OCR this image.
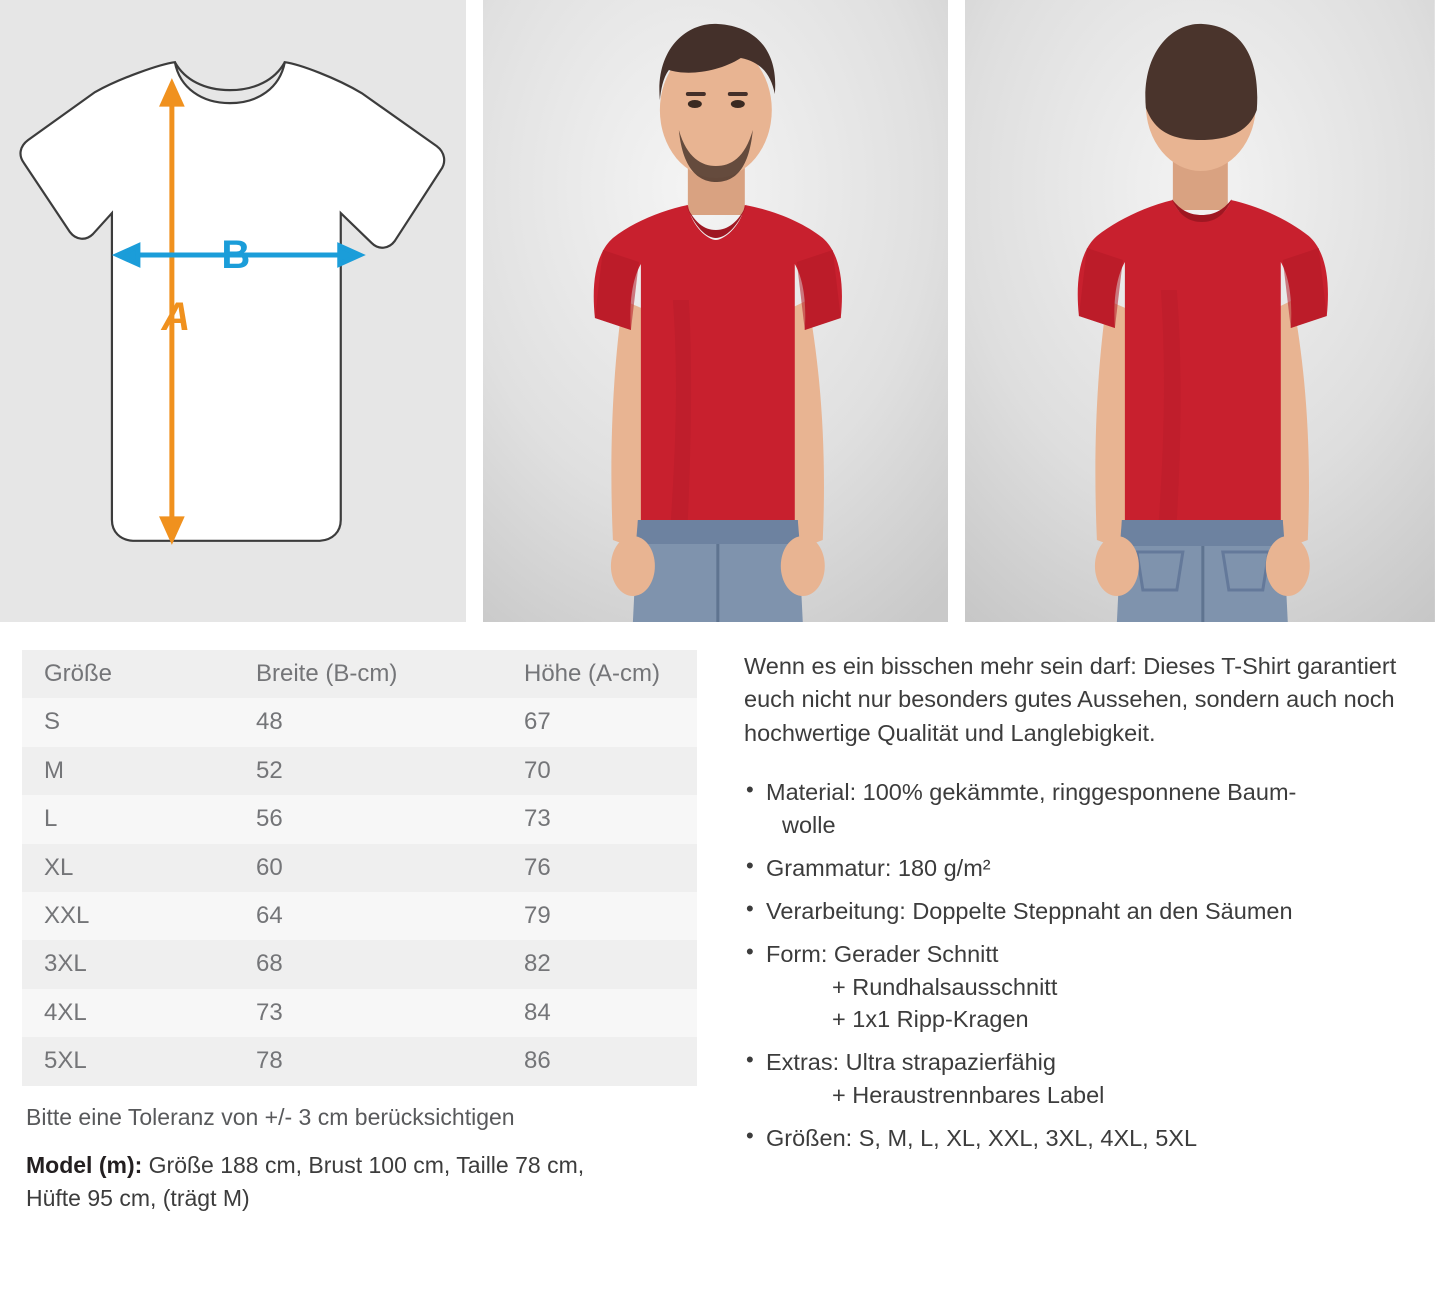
B
A
Größe	Breite (B-cm)	Höhe (A-cm)
S	48	67
M	52	70
L	56	73
XL	60	76
XXL	64	79
3XL	68	82
4XL	73	84
5XL	78	86
Bitte eine Toleranz von +/- 3 cm berücksichtigen
Model (m): Größe 188 cm, Brust 100 cm, Taille 78 cm,
Hüfte 95 cm, (trägt M)

Wenn es ein bisschen mehr sein darf: Dieses T-Shirt garantiert euch nicht nur besonders gutes Aussehen, sondern auch noch hochwertige Qualität und Langlebigkeit.

• Material: 100% gekämmte, ringgesponnene Baum-
wolle
• Grammatur: 180 g/m²
• Verarbeitung: Doppelte Steppnaht an den Säumen
• Form: Gerader Schnitt
+ Rundhalsausschnitt
+ 1x1 Ripp-Kragen
• Extras: Ultra strapazierfähig
+ Heraustrennbares Label
• Größen: S, M, L, XL, XXL, 3XL, 4XL, 5XL
